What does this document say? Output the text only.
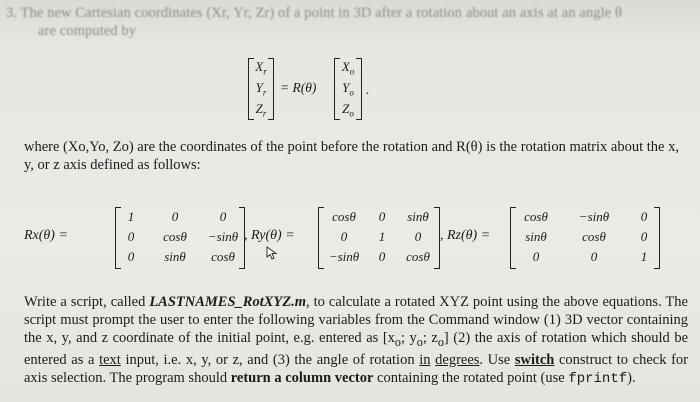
3. The new Cartesian coordinates (Xr, Yr, Zr) of a point in 3D after a rotation about an axis at an angle θ
are computed by
$X_r$
$Y_r$
$Z_r$
= R(θ)
$X_o$
$Y_o$
$Z_o$
.
where (Xo,Yo, Zo) are the coordinates of the point before the rotation and R(θ) is the rotation matrix about the x, y, or z axis defined as follows:
Rx(θ) =
1	0	0
0	cosθ	−sinθ
0	sinθ	cosθ
, Ry(θ) =
cosθ	0	sinθ
0	1	0
−sinθ	0	cosθ
, Rz(θ) =
cosθ	−sinθ	0
sinθ	cosθ	0
0	0	1
Write a script, called LASTNAMES_RotXYZ.m, to calculate a rotated XYZ point using the above equations. The script must prompt the user to enter the following variables from the Command window (1) 3D vector containing the x, y, and z coordinate of the initial point, e.g. entered as [$x_o$; $y_o$; $z_o$] (2) the axis of rotation which should be entered as a text input, i.e. x, y, or z, and (3) the angle of rotation in degrees. Use switch construct to check for axis selection. The program should return a column vector containing the rotated point (use fprintf).
